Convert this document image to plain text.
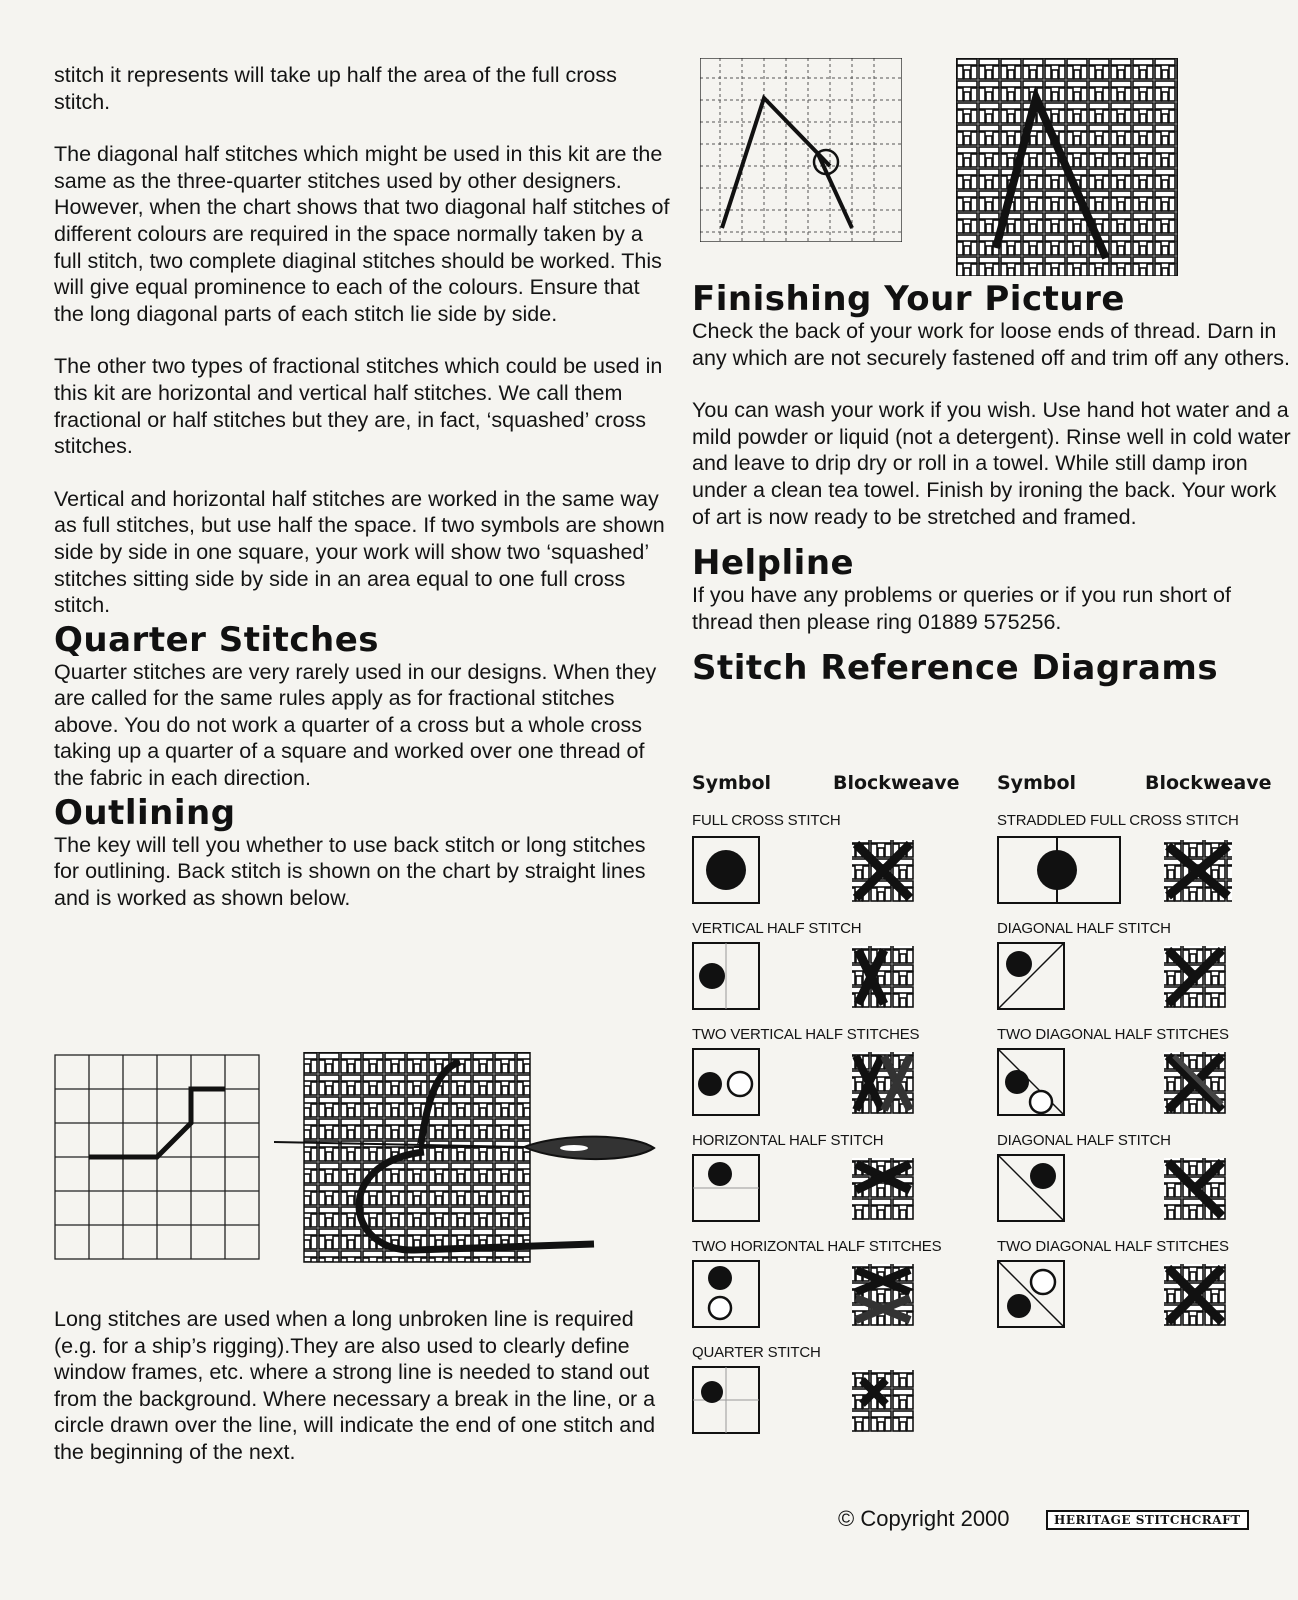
stitch it represents will take up half the area of the full cross stitch.

The diagonal half stitches which might be used in this kit are the same as the three-quarter stitches used by other designers. However, when the chart shows that two diagonal half stitches of different colours are required in the space normally taken by a full stitch, two complete diaginal stitches should be worked. This will give equal prominence to each of the colours. Ensure that the long diagonal parts of each stitch lie side by side.

The other two types of fractional stitches which could be used in this kit are horizontal and vertical half stitches. We call them fractional or half stitches but they are, in fact, ‘squashed’ cross stitches.

Vertical and horizontal half stitches are worked in the same way as full stitches, but use half the space. If two symbols are shown side by side in one square, your work will show two ‘squashed’ stitches sitting side by side in an area equal to one full cross stitch.

Quarter Stitches

Quarter stitches are very rarely used in our designs. When they are called for the same rules apply as for fractional stitches above. You do not work a quarter of a cross but a whole cross taking up a quarter of a square and worked over one thread of the fabric in each direction.

Outlining

The key will tell you whether to use back stitch or long stitches for outlining. Back stitch is shown on the chart by straight lines and is worked as shown below.

Long stitches are used when a long unbroken line is required (e.g. for a ship’s rigging).They are also used to clearly define window frames, etc. where a strong line is needed to stand out from the background. Where necessary a break in the line, or a circle drawn over the line, will indicate the end of one stitch and the beginning of the next.

Finishing Your Picture

Check the back of your work for loose ends of thread. Darn in any which are not securely fastened off and trim off any others.

You can wash your work if you wish. Use hand hot water and a mild powder or liquid (not a detergent). Rinse well in cold water and leave to drip dry or roll in a towel. While still damp iron under a clean tea towel. Finish by ironing the back. Your work of art is now ready to be stretched and framed.

Helpline

If you have any problems or queries or if you run short of thread then please ring 01889 575256.

Stitch Reference Diagrams
Symbol	Blockweave Symbol	Blockweave
FULL CROSS STITCH	STRADDLED FULL CROSS STITCH
VERTICAL HALF STITCH	DIAGONAL HALF STITCH
TWO VERTICAL HALF STITCHES	TWO DIAGONAL HALF STITCHES
HORIZONTAL HALF STITCH	DIAGONAL HALF STITCH
TWO HORIZONTAL HALF STITCHES	TWO DIAGONAL HALF STITCHES
QUARTER STITCH
© Copyright 2000	HERITAGE STITCHCRAFT
